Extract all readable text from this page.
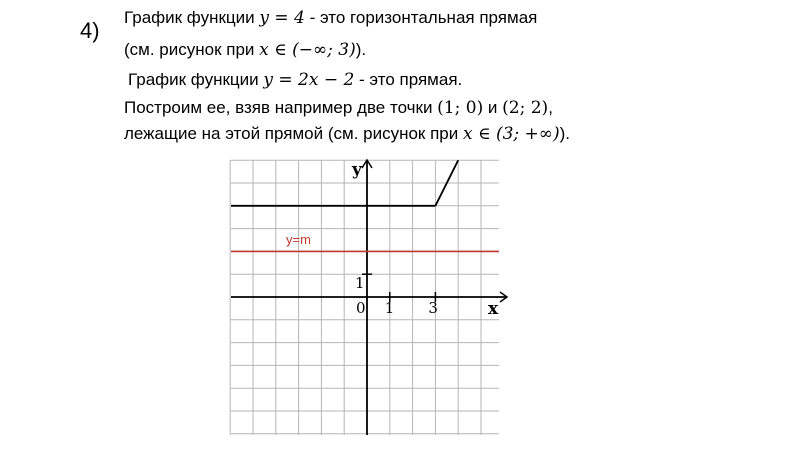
4)
График функции y = 4 - это горизонтальная прямая
(см. рисунок при x ∈ (−∞; 3)).
График функции y = 2x − 2 - это прямая.
Построим ее, взяв например две точки (1; 0) и (2; 2),
лежащие на этой прямой (см. рисунок при x ∈ (3; +∞)).
y
x
0 1 3
1
y=m
